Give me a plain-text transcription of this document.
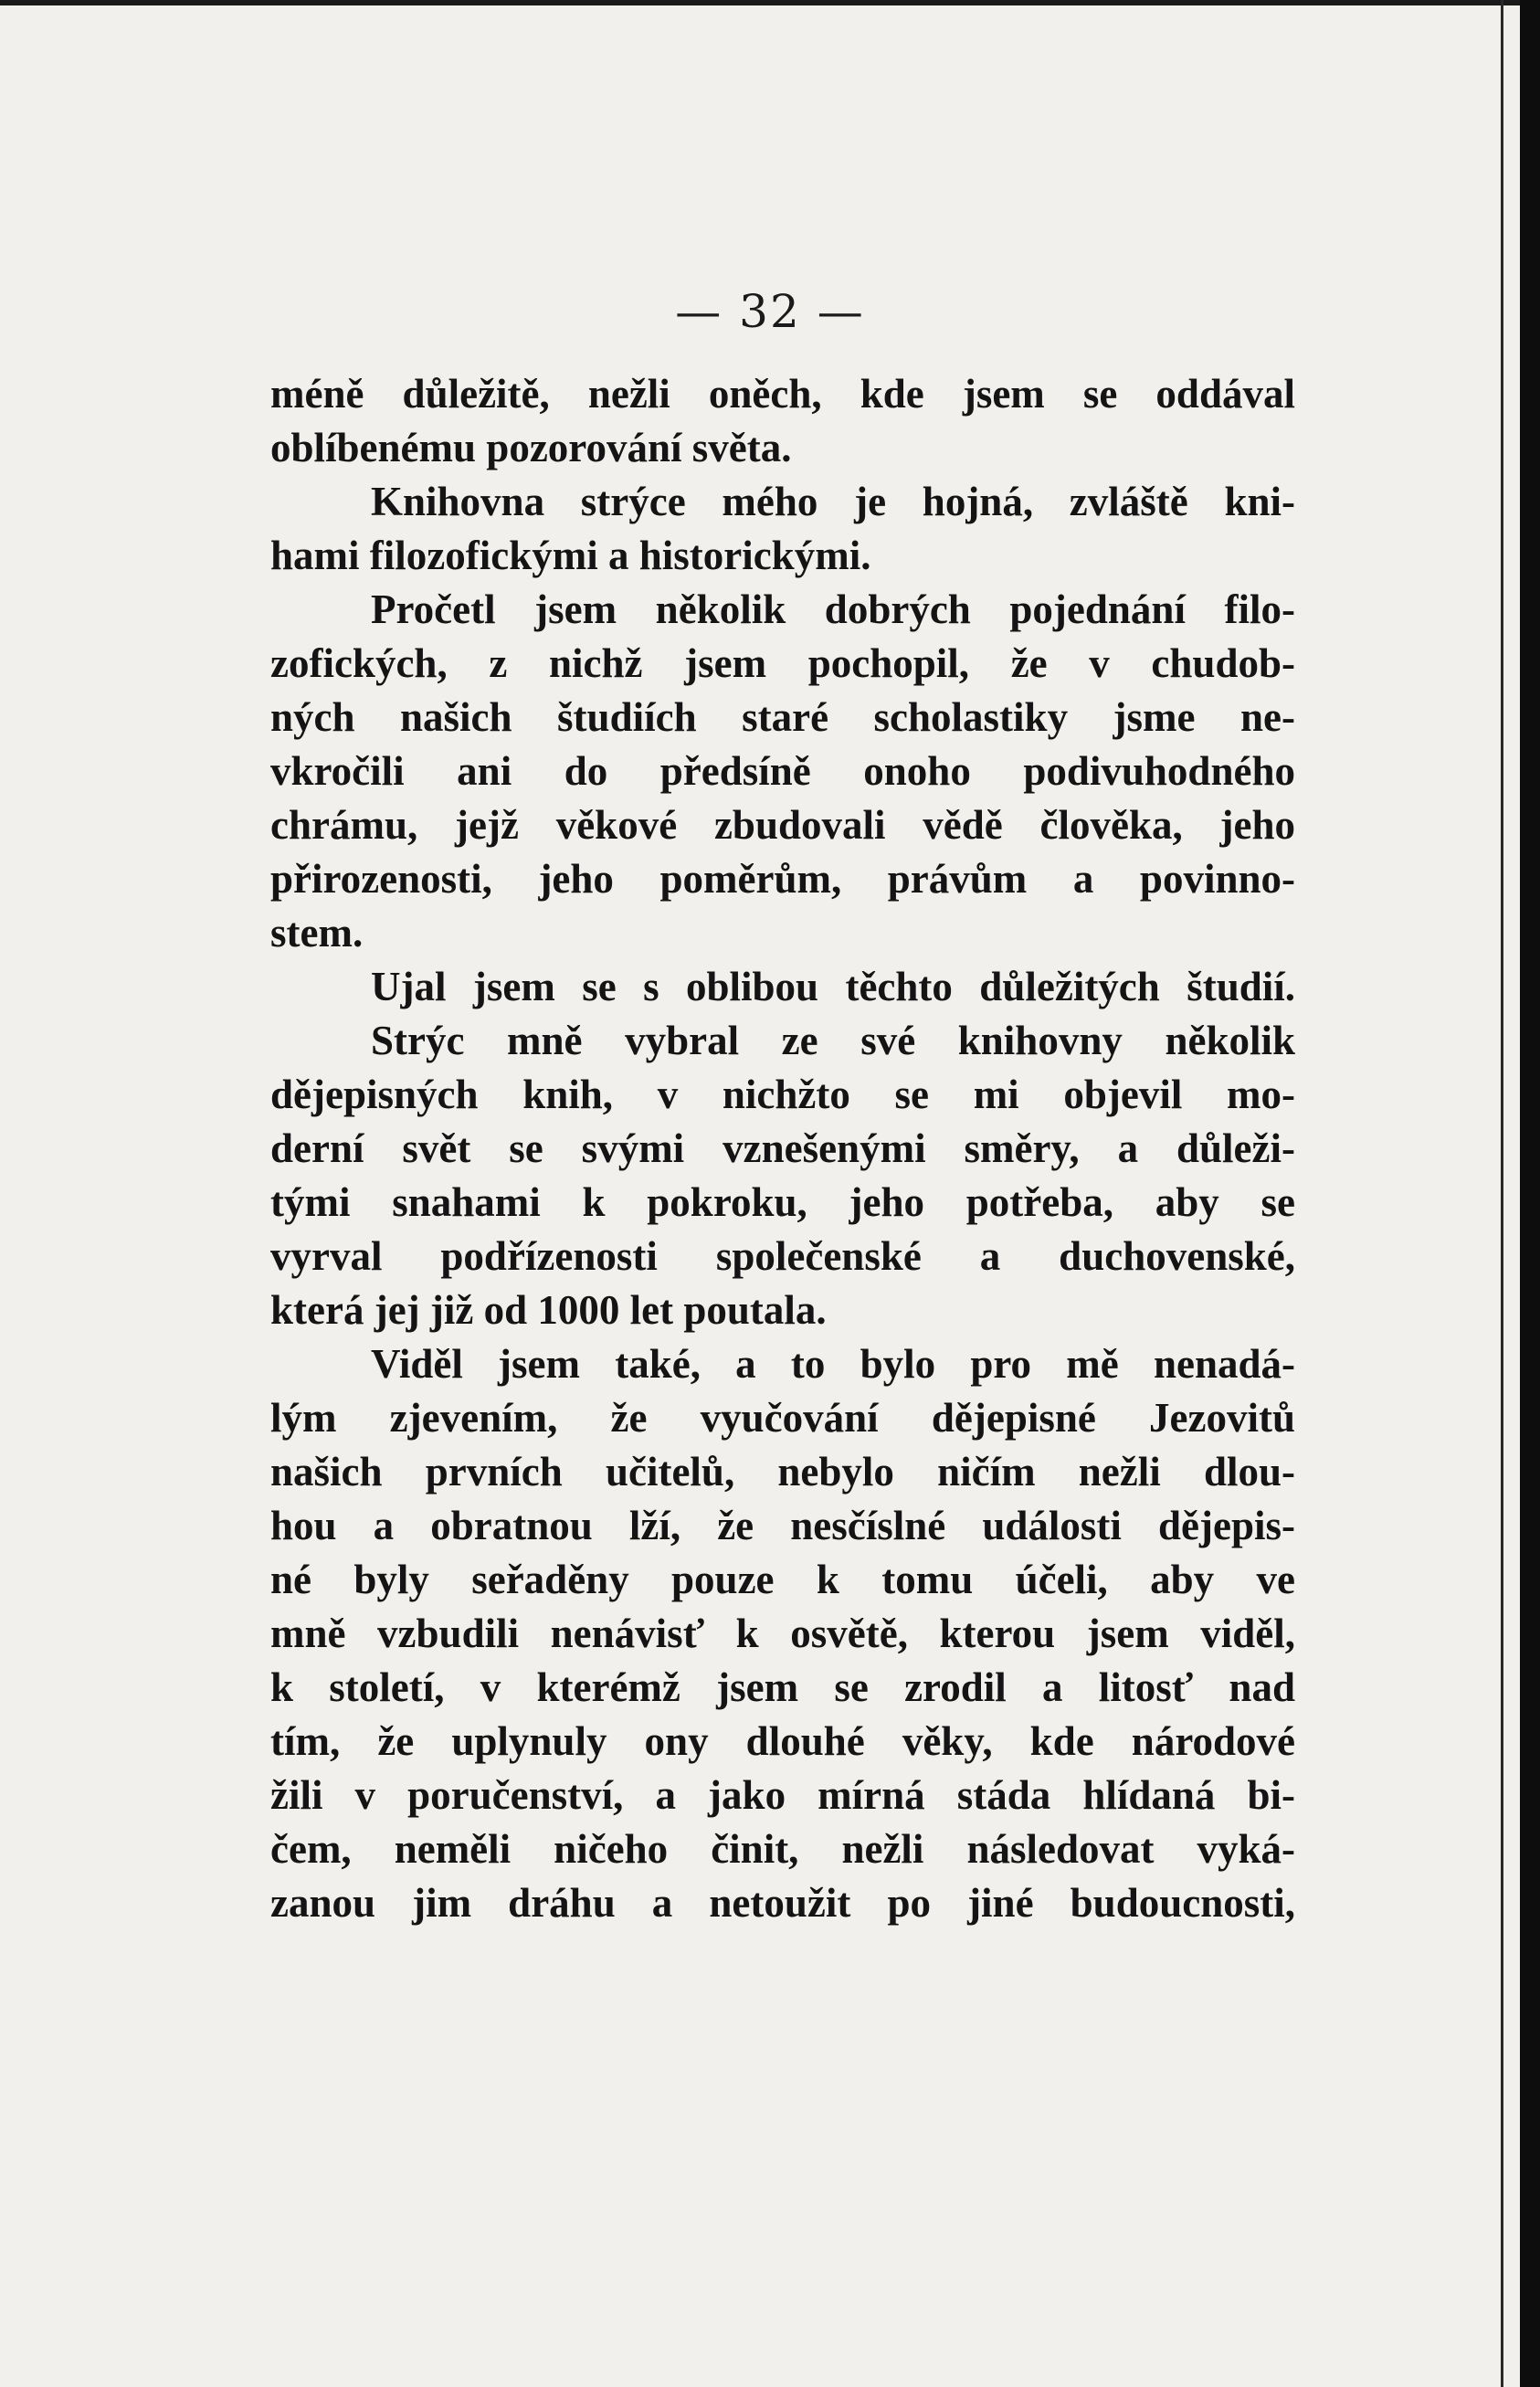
— 32 —
méně důležitě, nežli oněch, kde jsem se oddával
oblíbenému pozorování světa.
Knihovna strýce mého je hojná, zvláště kni-
hami filozofickými a historickými.
Pročetl jsem několik dobrých pojednání filo-
zofických, z nichž jsem pochopil, že v chudob-
ných našich študiích staré scholastiky jsme ne-
vkročili ani do předsíně onoho podivuhodného
chrámu, jejž věkové zbudovali vědě člověka, jeho
přirozenosti, jeho poměrům, právům a povinno-
stem.
Ujal jsem se s oblibou těchto důležitých študií.
Strýc mně vybral ze své knihovny několik
dějepisných knih, v nichžto se mi objevil mo-
derní svět se svými vznešenými směry, a důleži-
tými snahami k pokroku, jeho potřeba, aby se
vyrval podřízenosti společenské a duchovenské,
která jej již od 1000 let poutala.
Viděl jsem také, a to bylo pro mě nenadá-
lým zjevením, že vyučování dějepisné Jezovitů
našich prvních učitelů, nebylo ničím nežli dlou-
hou a obratnou lží, že nesčíslné události dějepis-
né byly seřaděny pouze k tomu účeli, aby ve
mně vzbudili nenávisť k osvětě, kterou jsem viděl,
k století, v kterémž jsem se zrodil a litosť nad
tím, že uplynuly ony dlouhé věky, kde národové
žili v poručenství, a jako mírná stáda hlídaná bi-
čem, neměli ničeho činit, nežli následovat vyká-
zanou jim dráhu a netoužit po jiné budoucnosti,
